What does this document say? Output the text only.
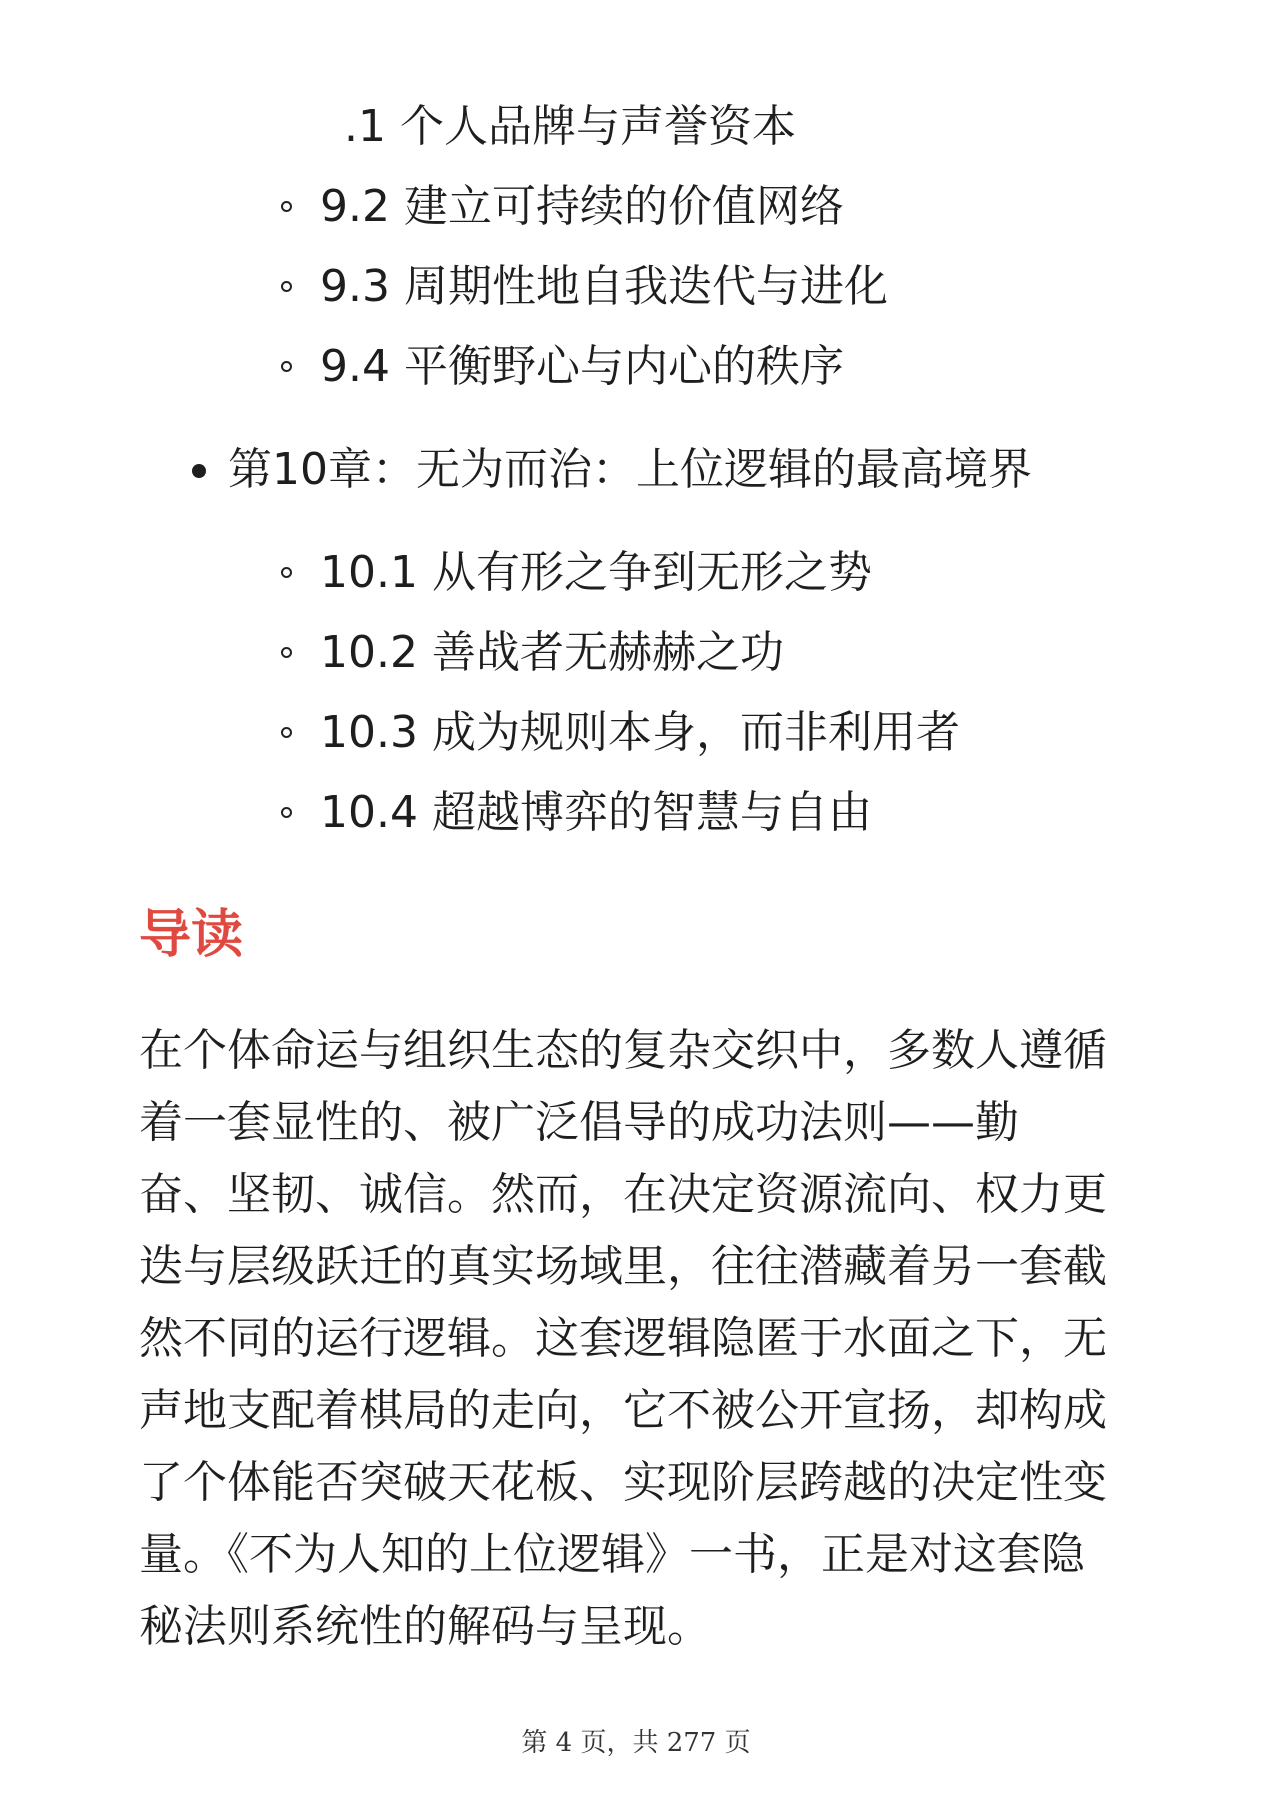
.1 个人品牌与声誉资本
9.2 建立可持续的价值网络
9.3 周期性地自我迭代与进化
9.4 平衡野心与内心的秩序
第10章：无为而治：上位逻辑的最高境界
10.1 从有形之争到无形之势
10.2 善战者无赫赫之功
10.3 成为规则本身，而非利用者
10.4 超越博弈的智慧与自由
导读

在个体命运与组织生态的复杂交织中，多数人遵循
着一套显性的、被广泛倡导的成功法则——勤
奋、坚韧、诚信。然而，在决定资源流向、权力更
迭与层级跃迁的真实场域里，往往潜藏着另一套截
然不同的运行逻辑。这套逻辑隐匿于水面之下，无
声地支配着棋局的走向，它不被公开宣扬，却构成
了个体能否突破天花板、实现阶层跨越的决定性变
量。《不为人知的上位逻辑》一书，正是对这套隐
秘法则系统性的解码与呈现。

第 4 页，共 277 页
